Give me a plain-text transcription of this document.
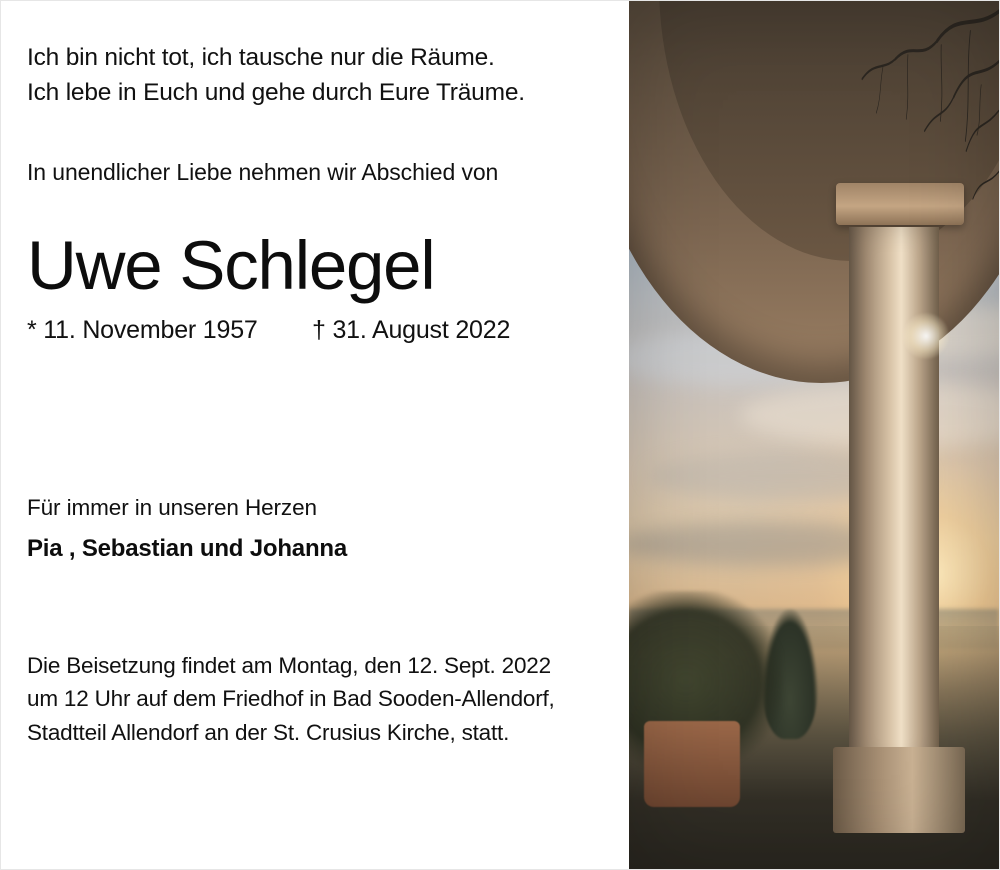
Ich bin nicht tot, ich tausche nur die Räume.
Ich lebe in Euch und gehe durch Eure Träume.
In unendlicher Liebe nehmen wir Abschied von
Uwe Schlegel
* 11. November 1957	† 31. August 2022
Für immer in unseren Herzen
Pia , Sebastian und Johanna
Die Beisetzung findet am Montag, den 12. Sept. 2022
um 12 Uhr auf dem Friedhof in Bad Sooden-Allendorf,
Stadtteil Allendorf an der St. Crusius Kirche, statt.
